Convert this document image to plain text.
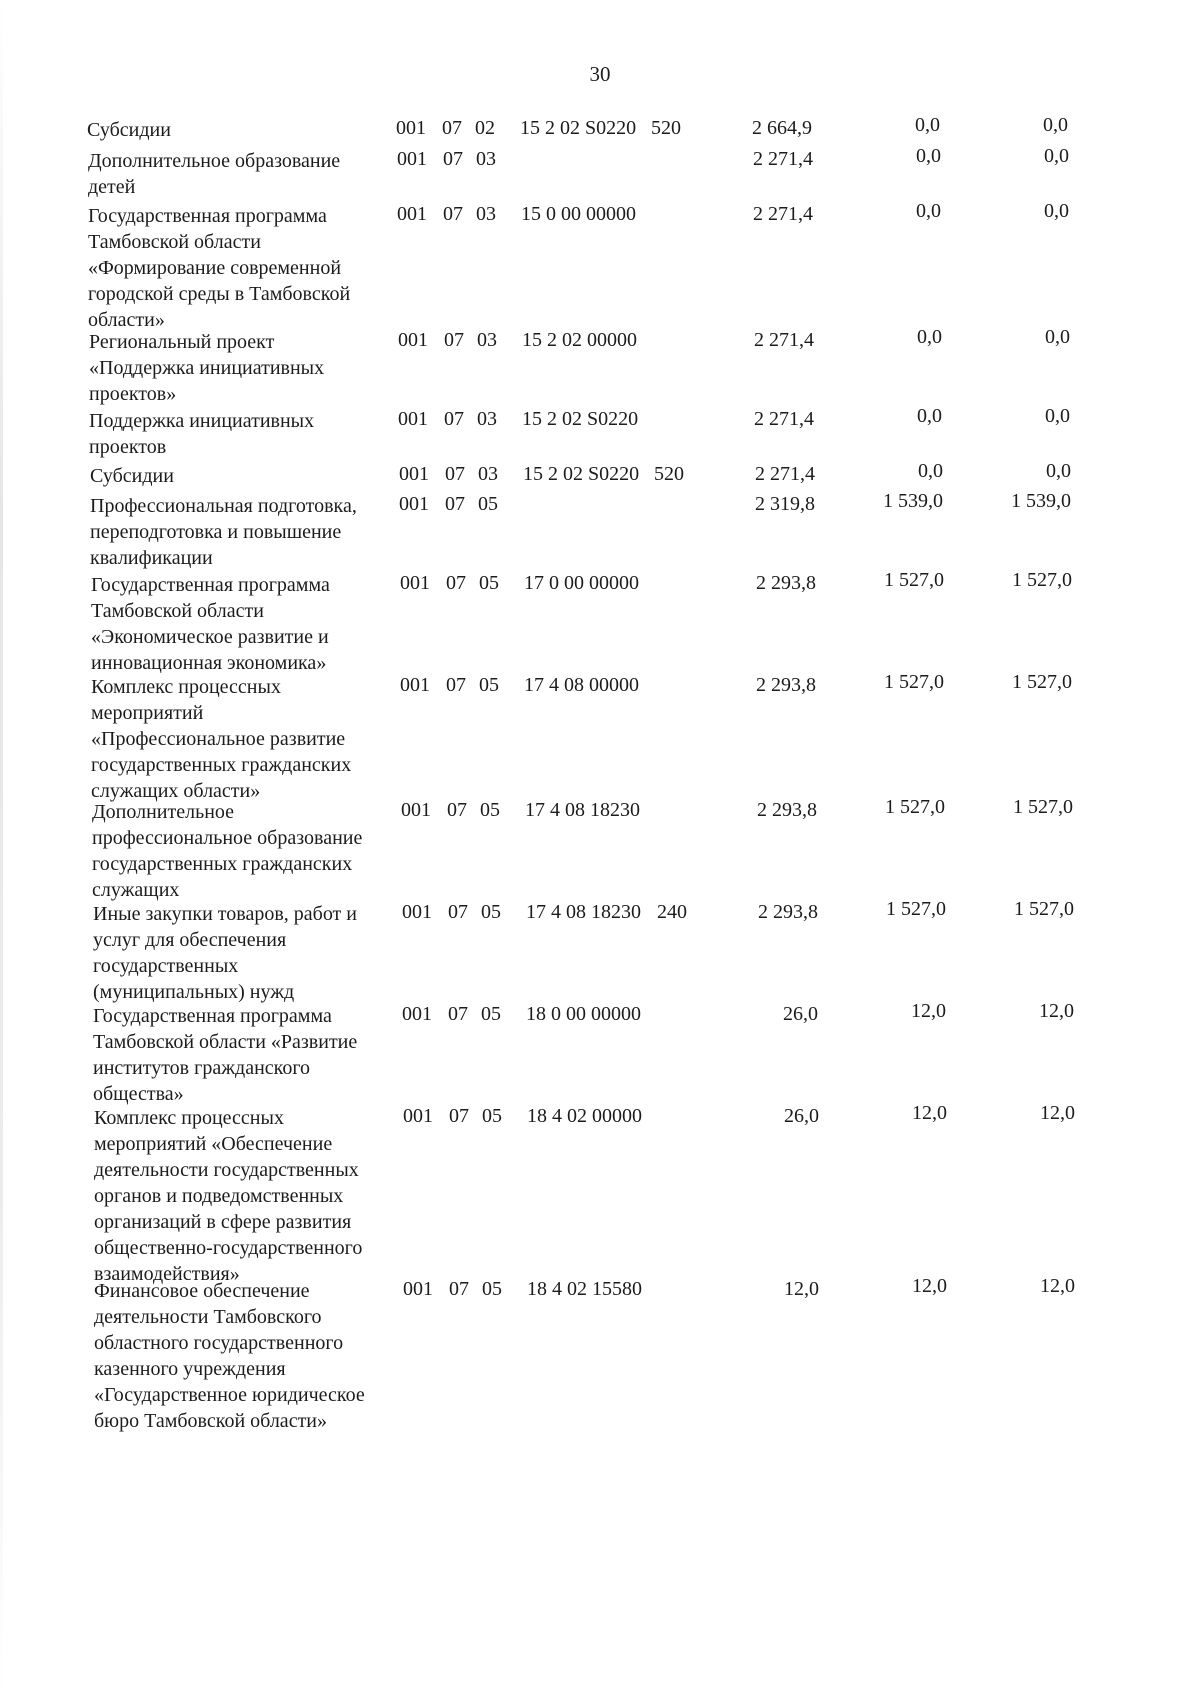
30
Субсидии	001 07 02 15 2 02 S0220 520	2 664,9	0,0	0,0
Дополнительное образование
детей
001 07 03	2 271,4	0,0	0,0
Государственная программа
Тамбовской области
«Формирование современной
городской среды в Тамбовской
области»
001 07 03 15 0 00 00000	2 271,4	0,0	0,0
Региональный проект
«Поддержка инициативных
проектов»
001 07 03 15 2 02 00000	2 271,4	0,0	0,0
Поддержка инициативных
проектов
001 07 03 15 2 02 S0220	2 271,4	0,0	0,0
Субсидии	001 07 03 15 2 02 S0220 520	2 271,4	0,0	0,0
Профессиональная подготовка,
переподготовка и повышение
квалификации
001 07 05	2 319,8	1 539,0	1 539,0
Государственная программа
Тамбовской области
«Экономическое развитие и
инновационная экономика»
001 07 05 17 0 00 00000	2 293,8	1 527,0	1 527,0
Комплекс процессных
мероприятий
«Профессиональное развитие
государственных гражданских
служащих области»
001 07 05 17 4 08 00000	2 293,8	1 527,0	1 527,0
Дополнительное
профессиональное образование
государственных гражданских
служащих
001 07 05 17 4 08 18230	2 293,8	1 527,0	1 527,0
Иные закупки товаров, работ и
услуг для обеспечения
государственных
(муниципальных) нужд
001 07 05 17 4 08 18230 240	2 293,8	1 527,0	1 527,0
Государственная программа
Тамбовской области «Развитие
институтов гражданского
общества»
001 07 05 18 0 00 00000	26,0	12,0	12,0
Комплекс процессных
мероприятий «Обеспечение
деятельности государственных
органов и подведомственных
организаций в сфере развития
общественно-государственного
взаимодействия»
001 07 05 18 4 02 00000	26,0	12,0	12,0
Финансовое обеспечение
деятельности Тамбовского
областного государственного
казенного учреждения
«Государственное юридическое
бюро Тамбовской области»
001 07 05 18 4 02 15580	12,0	12,0	12,0
